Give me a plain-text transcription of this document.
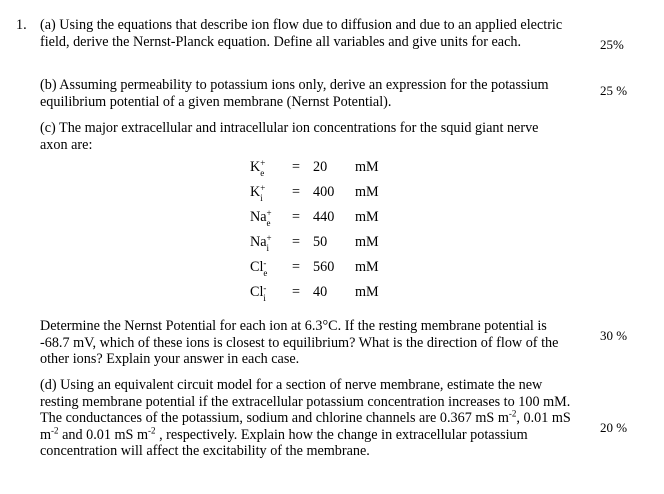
1. (a) Using the equations that describe ion flow due to diffusion and due to an applied electric field, derive the Nernst-Planck equation. Define all variables and give units for each.	25%
(b) Assuming permeability to potassium ions only, derive an expression for the potassium equilibrium potential of a given membrane (Nernst Potential).
25 %
(c) The major extracellular and intracellular ion concentrations for the squid giant nerve axon are:
K +
e = 20 mM
K +
i = 400 mM
Na +
e = 440 mM
Na +
i = 50 mM
Cl -
e = 560 mM
Cl -
i = 40 mM
Determine the Nernst Potential for each ion at 6.3°C. If the resting membrane potential is -68.7 mV, which of these ions is closest to equilibrium? What is the direction of flow of the other ions? Explain your answer in each case.
30 %
(d) Using an equivalent circuit model for a section of nerve membrane, estimate the new resting membrane potential if the extracellular potassium concentration increases to 100 mM. The conductances of the potassium, sodium and chlorine channels are 0.367 mS $m^{-2}$, 0.01 mS $m^{-2}$ and 0.01 mS $m^{-2}$ , respectively. Explain how the change in extracellular potassium concentration will affect the excitability of the membrane.
20 %
